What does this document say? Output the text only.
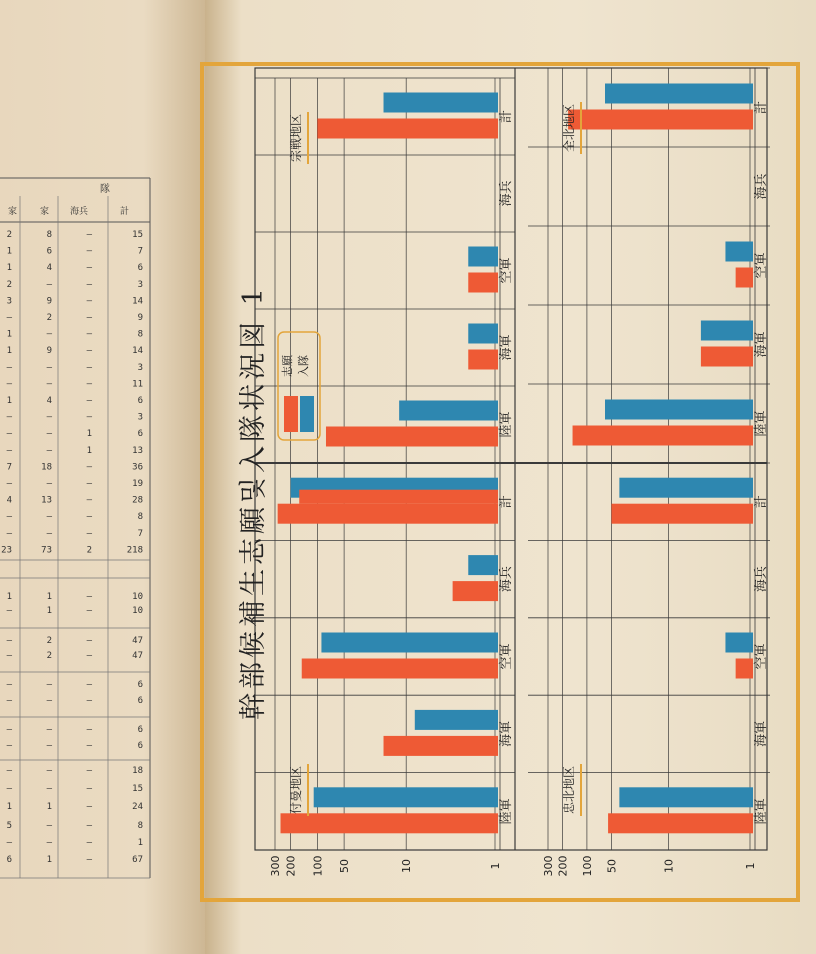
隊
家	家 海兵	計
2	8	—	15
1	6	—	7
1	4	—	6
2	—	—	3
3	9	—	14
—	2	—	9
1	—	—	8
1	9	—	14
—	—	—	3
—	—	—	11
1	4	—	6
—	—	—	3
—	—	1	6
—	—	1	13
7	18	—	36
—	—	—	19
4	13	—	28
—	—	—	8
—	—	—	7
23	73	2	218
1	1	—	10
—	1	—	10
—	2	—	47
—	2	—	47
—	—	—	6
—	—	—	6
—	—	—	6
—	—	—	6
—	—	—	18
—	—	—	15
1	1	—	24
5	—	—	8
—	—	—	1
6	1	—	67
陸軍
海軍
空軍
海兵
計
付曼地区
300 200 100 50	10	1
陸軍
海軍
空軍
海兵
計
宗戦地区
陸軍
海軍
空軍
海兵
計
忠北地区
300 200 100 50	10	1
陸軍
海軍
空軍
海兵
計
全北地区
志願 入隊
幹部候補生志願및入隊状況図 1
